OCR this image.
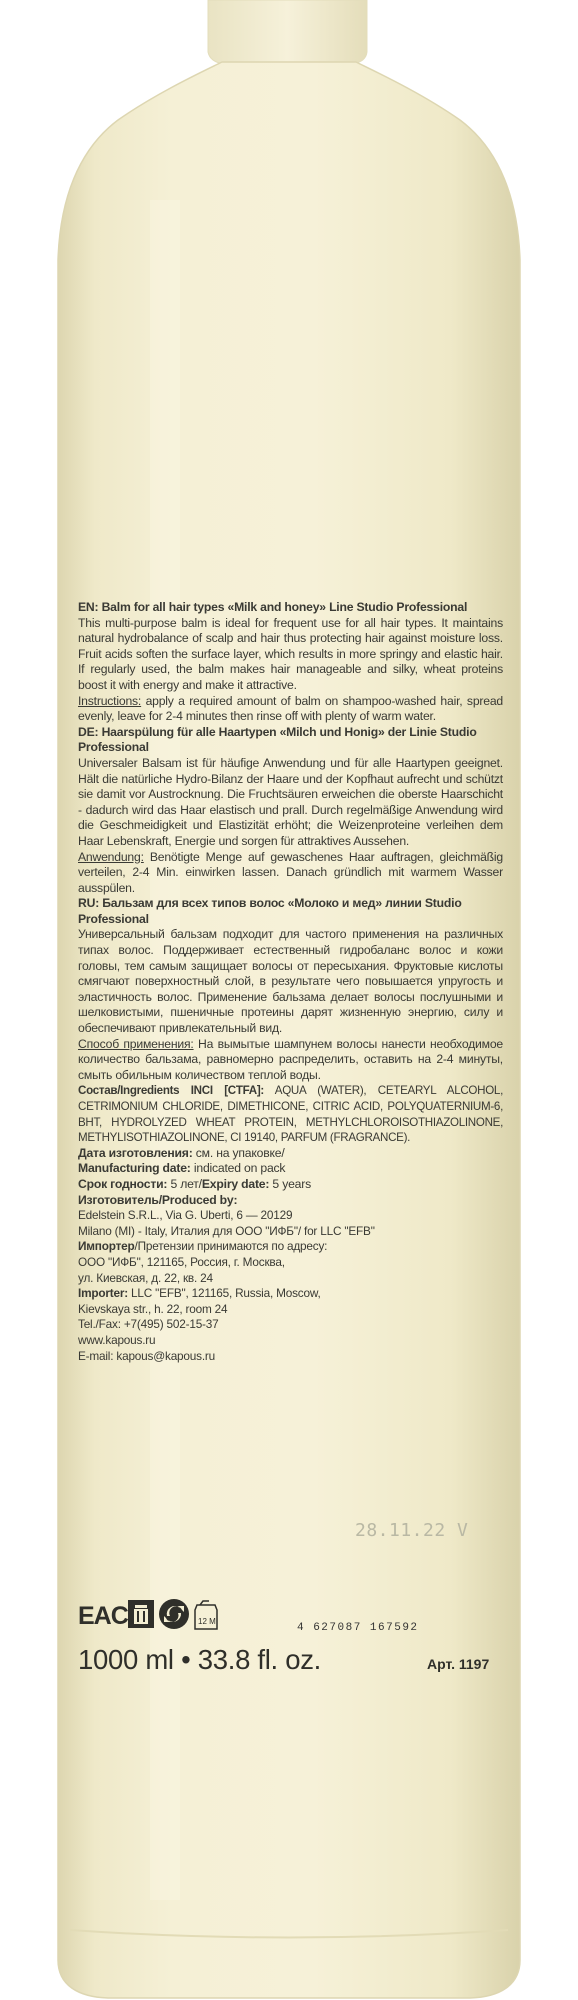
EN: Balm for all hair types «Milk and honey» Line Studio Professional

This multi-purpose balm is ideal for frequent use for all hair types. It maintains natural hydrobalance of scalp and hair thus protecting hair against moisture loss. Fruit acids soften the surface layer, which results in more springy and elastic hair. If regularly used, the balm makes hair manageable and silky, wheat proteins boost it with energy and make it attractive.

Instructions: apply a required amount of balm on shampoo-washed hair, spread evenly, leave for 2-4 minutes then rinse off with plenty of warm water.

DE: Haarspülung für alle Haartypen «Milch und Honig» der Linie Studio Professional

Universaler Balsam ist für häufige Anwendung und für alle Haartypen geeignet. Hält die natürliche Hydro-Bilanz der Haare und der Kopfhaut aufrecht und schützt sie damit vor Austrocknung. Die Fruchtsäuren erweichen die oberste Haarschicht - dadurch wird das Haar elastisch und prall. Durch regelmäßige Anwendung wird die Geschmeidigkeit und Elastizität erhöht; die Weizenproteine verleihen dem Haar Lebenskraft, Energie und sorgen für attraktives Aussehen.

Anwendung: Benötigte Menge auf gewaschenes Haar auftragen, gleichmäßig verteilen, 2-4 Min. einwirken lassen. Danach gründlich mit warmem Wasser ausspülen.

RU: Бальзам для всех типов волос «Молоко и мед» линии Studio Professional

Универсальный бальзам подходит для частого применения на различных типах волос. Поддерживает естественный гидробаланс волос и кожи головы, тем самым защищает волосы от пересыхания. Фруктовые кислоты смягчают поверхностный слой, в результате чего повышается упругость и эластичность волос. Применение бальзама делает волосы послушными и шелковистыми, пшеничные протеины дарят жизненную энергию, силу и обеспечивают привлекательный вид.

Способ применения: На вымытые шампунем волосы нанести необходимое количество бальзама, равномерно распределить, оставить на 2-4 минуты, смыть обильным количеством теплой воды.

Состав/Ingredients INCI [CTFA]: AQUA (WATER), CETEARYL ALCOHOL, CETRIMONIUM CHLORIDE, DIMETHICONE, CITRIC ACID, POLYQUATERNIUM-6, BHT, HYDROLYZED WHEAT PROTEIN, METHYLCHLOROISOTHIAZOLINONE, METHYLISOTHIAZOLINONE, CI 19140, PARFUM (FRAGRANCE).

Дата изготовления: см. на упаковке/

Manufacturing date: indicated on pack

Срок годности: 5 лет/Expiry date: 5 years

Изготовитель/Produced by:

Edelstein S.R.L., Via G. Uberti, 6 — 20129

Milano (MI) - Italy, Италия для ООО "ИФБ"/ for LLC "EFB"

Импортер/Претензии принимаются по адресу:

ООО "ИФБ", 121165, Россия, г. Москва,

ул. Киевская, д. 22, кв. 24

Importer: LLC "EFB", 121165, Russia, Moscow,

Kievskaya str., h. 22, room 24

Tel./Fax: +7(495) 502-15-37

www.kapous.ru

E-mail: kapous@kapous.ru

28.11.22 V
EAC	12 M
4 627087 167592
1000 ml • 33.8 fl. oz.	Арт. 1197
